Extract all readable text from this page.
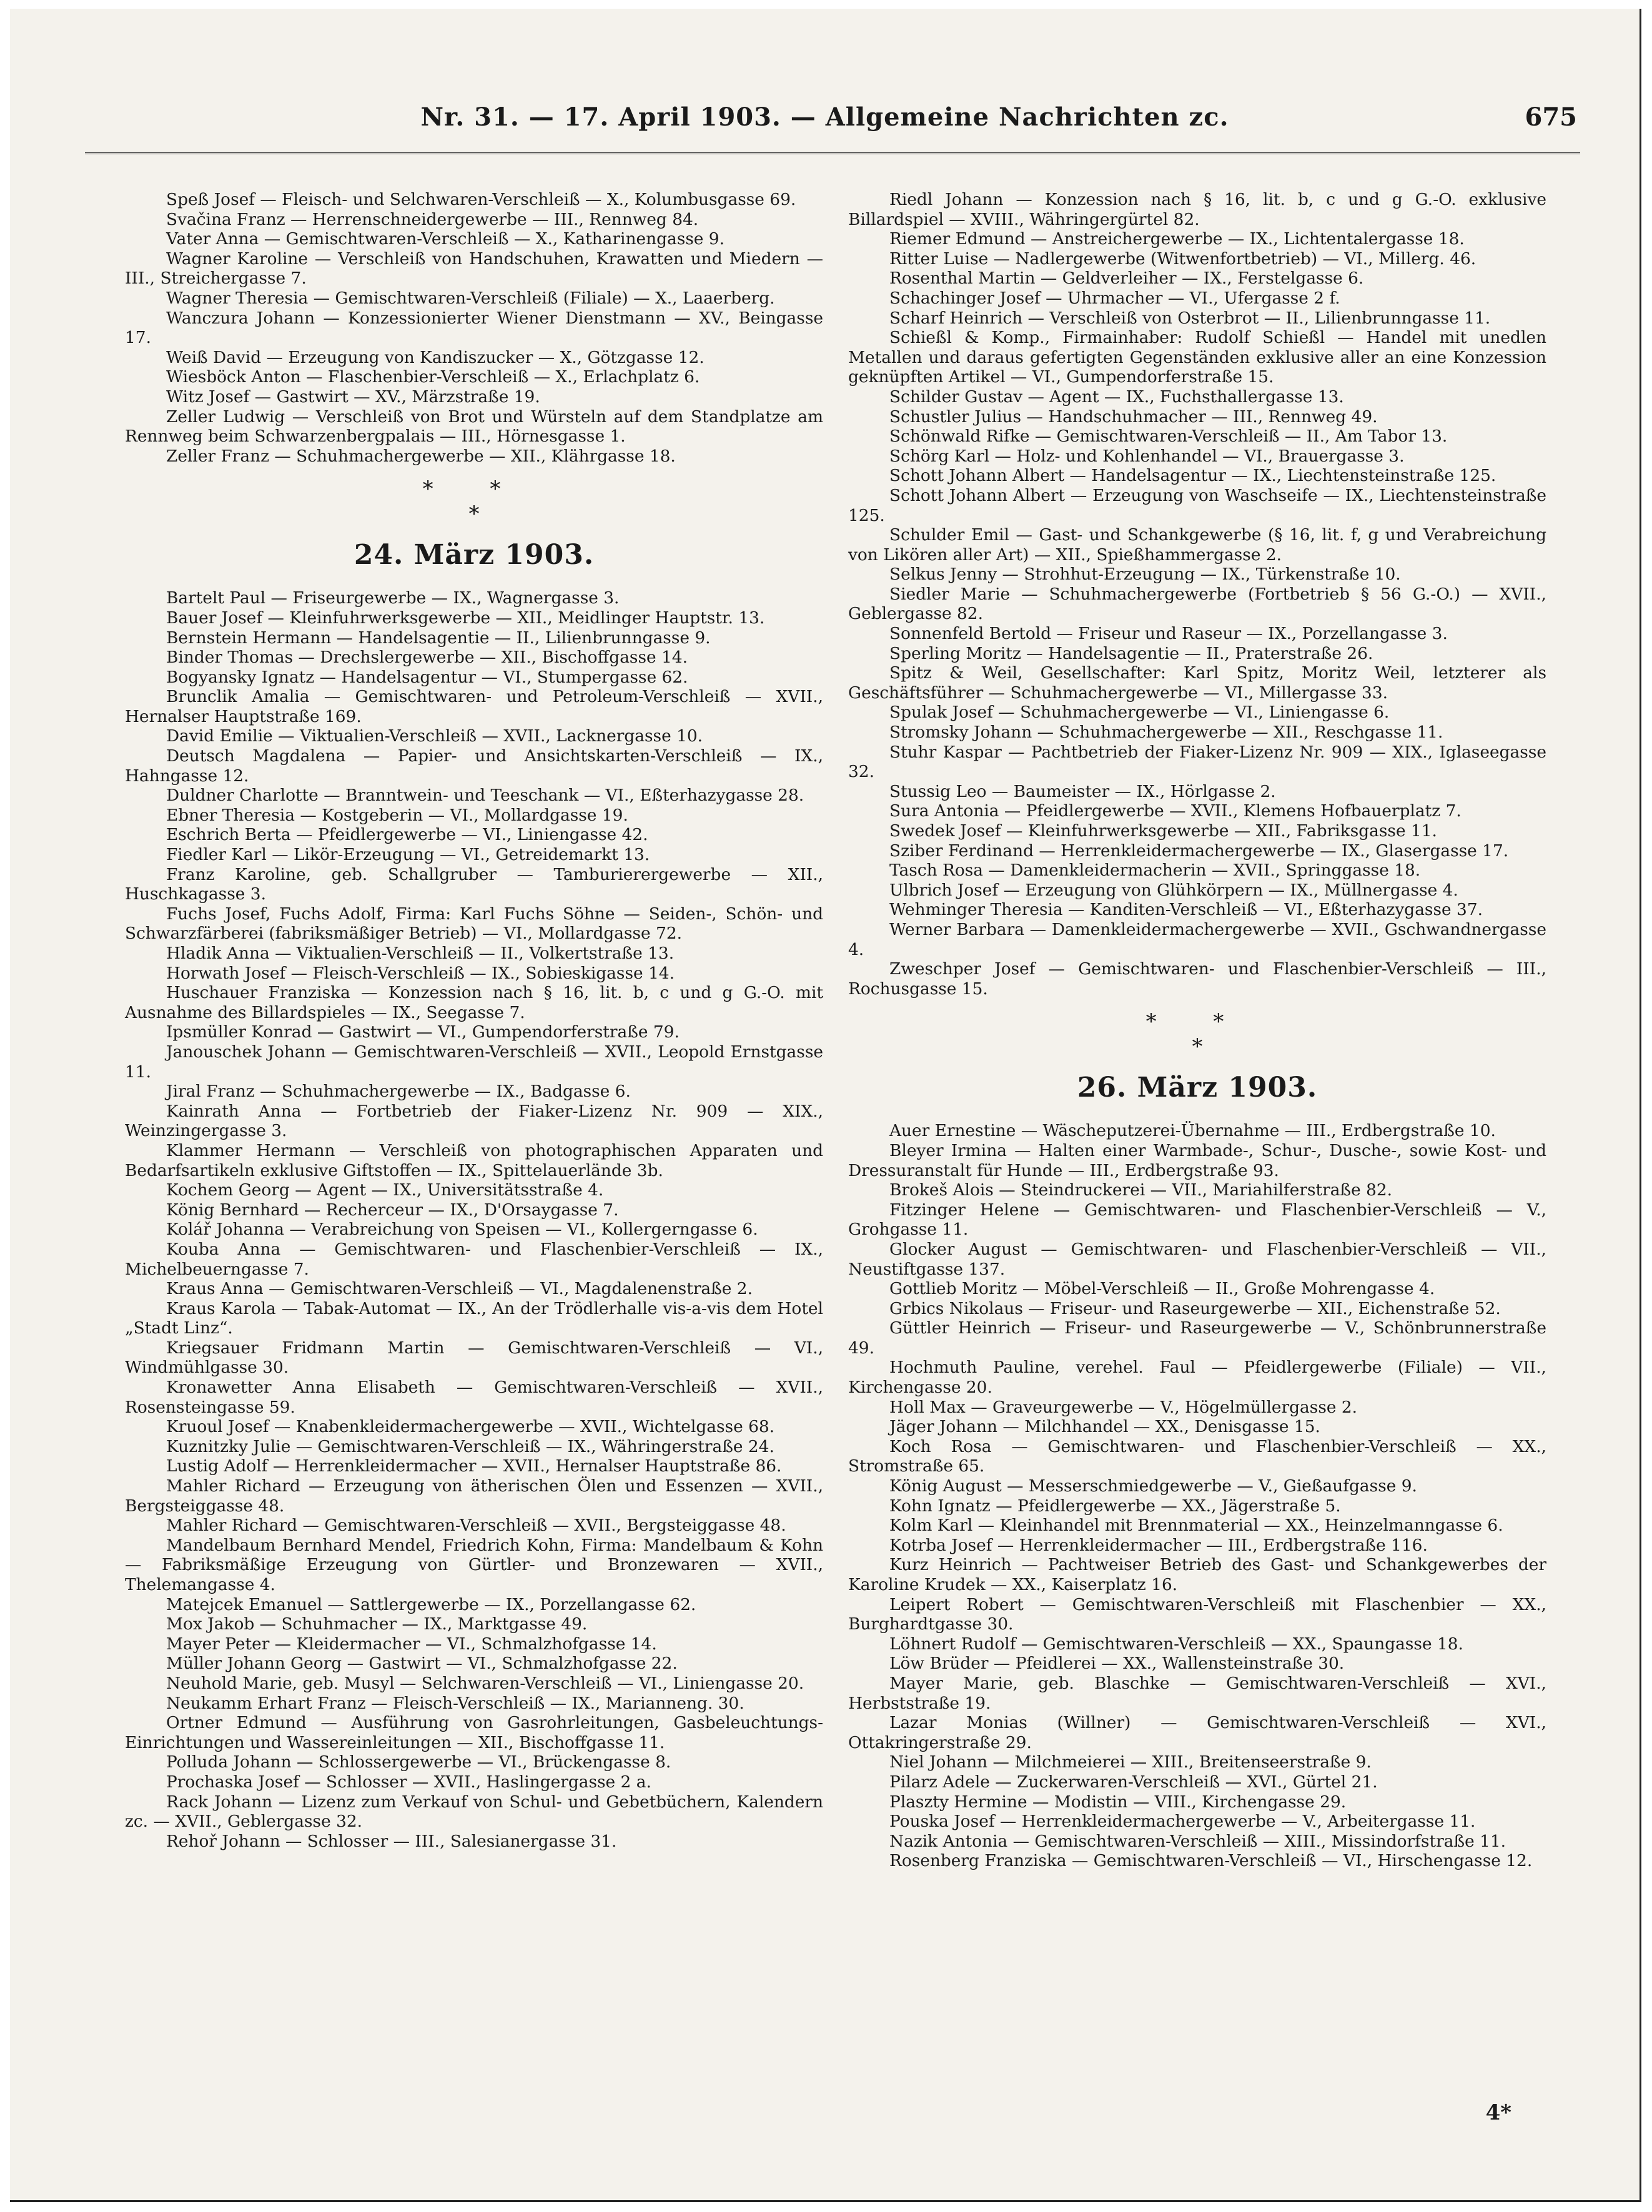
Nr. 31. — 17. April 1903. — Allgemeine Nachrichten zc.	675

Speß Josef — Fleisch- und Selchwaren-Verschleiß — X., Kolumbusgasse 69.

Svačina Franz — Herrenschneidergewerbe — III., Rennweg 84.

Vater Anna — Gemischtwaren-Verschleiß — X., Katharinengasse 9.

Wagner Karoline — Verschleiß von Handschuhen, Krawatten und Miedern — III., Streichergasse 7.

Wagner Theresia — Gemischtwaren-Verschleiß (Filiale) — X., Laaerberg.

Wanczura Johann — Konzessionierter Wiener Dienstmann — XV., Beingasse 17.

Weiß David — Erzeugung von Kandiszucker — X., Götzgasse 12.

Wiesböck Anton — Flaschenbier-Verschleiß — X., Erlachplatz 6.

Witz Josef — Gastwirt — XV., Märzstraße 19.

Zeller Ludwig — Verschleiß von Brot und Würsteln auf dem Standplatze am Rennweg beim Schwarzenbergpalais — III., Hörnesgasse 1.

Zeller Franz — Schuhmachergewerbe — XII., Klährgasse 18.

* *
*
24. März 1903.

Bartelt Paul — Friseurgewerbe — IX., Wagnergasse 3.

Bauer Josef — Kleinfuhrwerksgewerbe — XII., Meidlinger Hauptstr. 13.

Bernstein Hermann — Handelsagentie — II., Lilienbrunngasse 9.

Binder Thomas — Drechslergewerbe — XII., Bischoffgasse 14.

Bogyansky Ignatz — Handelsagentur — VI., Stumpergasse 62.

Brunclik Amalia — Gemischtwaren- und Petroleum-Verschleiß — XVII., Hernalser Hauptstraße 169.

David Emilie — Viktualien-Verschleiß — XVII., Lacknergasse 10.

Deutsch Magdalena — Papier- und Ansichtskarten-Verschleiß — IX., Hahngasse 12.

Duldner Charlotte — Branntwein- und Teeschank — VI., Eßterhazygasse 28.

Ebner Theresia — Kostgeberin — VI., Mollardgasse 19.

Eschrich Berta — Pfeidlergewerbe — VI., Liniengasse 42.

Fiedler Karl — Likör-Erzeugung — VI., Getreidemarkt 13.

Franz Karoline, geb. Schallgruber — Tamburierergewerbe — XII., Huschkagasse 3.

Fuchs Josef, Fuchs Adolf, Firma: Karl Fuchs Söhne — Seiden-, Schön- und Schwarzfärberei (fabriksmäßiger Betrieb) — VI., Mollardgasse 72.

Hladik Anna — Viktualien-Verschleiß — II., Volkertstraße 13.

Horwath Josef — Fleisch-Verschleiß — IX., Sobieskigasse 14.

Huschauer Franziska — Konzession nach § 16, lit. b, c und g G.-O. mit Ausnahme des Billardspieles — IX., Seegasse 7.

Ipsmüller Konrad — Gastwirt — VI., Gumpendorferstraße 79.

Janouschek Johann — Gemischtwaren-Verschleiß — XVII., Leopold Ernstgasse 11.

Jiral Franz — Schuhmachergewerbe — IX., Badgasse 6.

Kainrath Anna — Fortbetrieb der Fiaker-Lizenz Nr. 909 — XIX., Weinzingergasse 3.

Klammer Hermann — Verschleiß von photographischen Apparaten und Bedarfsartikeln exklusive Giftstoffen — IX., Spittelauerlände 3b.

Kochem Georg — Agent — IX., Universitätsstraße 4.

König Bernhard — Recherceur — IX., D'Orsaygasse 7.

Kolář Johanna — Verabreichung von Speisen — VI., Kollergerngasse 6.

Kouba Anna — Gemischtwaren- und Flaschenbier-Verschleiß — IX., Michelbeuerngasse 7.

Kraus Anna — Gemischtwaren-Verschleiß — VI., Magdalenenstraße 2.

Kraus Karola — Tabak-Automat — IX., An der Trödlerhalle vis-a-vis dem Hotel „Stadt Linz“.

Kriegsauer Fridmann Martin — Gemischtwaren-Verschleiß — VI., Windmühlgasse 30.

Kronawetter Anna Elisabeth — Gemischtwaren-Verschleiß — XVII., Rosensteingasse 59.

Kruoul Josef — Knabenkleidermachergewerbe — XVII., Wichtelgasse 68.

Kuznitzky Julie — Gemischtwaren-Verschleiß — IX., Währingerstraße 24.

Lustig Adolf — Herrenkleidermacher — XVII., Hernalser Hauptstraße 86.

Mahler Richard — Erzeugung von ätherischen Ölen und Essenzen — XVII., Bergsteiggasse 48.

Mahler Richard — Gemischtwaren-Verschleiß — XVII., Bergsteiggasse 48.

Mandelbaum Bernhard Mendel, Friedrich Kohn, Firma: Mandelbaum & Kohn — Fabriksmäßige Erzeugung von Gürtler- und Bronzewaren — XVII., Thelemangasse 4.

Matejcek Emanuel — Sattlergewerbe — IX., Porzellangasse 62.

Mox Jakob — Schuhmacher — IX., Marktgasse 49.

Mayer Peter — Kleidermacher — VI., Schmalzhofgasse 14.

Müller Johann Georg — Gastwirt — VI., Schmalzhofgasse 22.

Neuhold Marie, geb. Musyl — Selchwaren-Verschleiß — VI., Liniengasse 20.

Neukamm Erhart Franz — Fleisch-Verschleiß — IX., Marianneng. 30.

Ortner Edmund — Ausführung von Gasrohrleitungen, Gasbeleuchtungs-Einrichtungen und Wassereinleitungen — XII., Bischoffgasse 11.

Polluda Johann — Schlossergewerbe — VI., Brückengasse 8.

Prochaska Josef — Schlosser — XVII., Haslingergasse 2 a.

Rack Johann — Lizenz zum Verkauf von Schul- und Gebetbüchern, Kalendern zc. — XVII., Geblergasse 32.

Rehoř Johann — Schlosser — III., Salesianergasse 31.

Riedl Johann — Konzession nach § 16, lit. b, c und g G.-O. exklusive Billardspiel — XVIII., Währingergürtel 82.

Riemer Edmund — Anstreichergewerbe — IX., Lichtentalergasse 18.

Ritter Luise — Nadlergewerbe (Witwenfortbetrieb) — VI., Millerg. 46.

Rosenthal Martin — Geldverleiher — IX., Ferstelgasse 6.

Schachinger Josef — Uhrmacher — VI., Ufergasse 2 f.

Scharf Heinrich — Verschleiß von Osterbrot — II., Lilienbrunngasse 11.

Schießl & Komp., Firmainhaber: Rudolf Schießl — Handel mit unedlen Metallen und daraus gefertigten Gegenständen exklusive aller an eine Konzession geknüpften Artikel — VI., Gumpendorferstraße 15.

Schilder Gustav — Agent — IX., Fuchsthallergasse 13.

Schustler Julius — Handschuhmacher — III., Rennweg 49.

Schönwald Rifke — Gemischtwaren-Verschleiß — II., Am Tabor 13.

Schörg Karl — Holz- und Kohlenhandel — VI., Brauergasse 3.

Schott Johann Albert — Handelsagentur — IX., Liechtensteinstraße 125.

Schott Johann Albert — Erzeugung von Waschseife — IX., Liechtensteinstraße 125.

Schulder Emil — Gast- und Schankgewerbe (§ 16, lit. f, g und Verabreichung von Likören aller Art) — XII., Spießhammergasse 2.

Selkus Jenny — Strohhut-Erzeugung — IX., Türkenstraße 10.

Siedler Marie — Schuhmachergewerbe (Fortbetrieb § 56 G.-O.) — XVII., Geblergasse 82.

Sonnenfeld Bertold — Friseur und Raseur — IX., Porzellangasse 3.

Sperling Moritz — Handelsagentie — II., Praterstraße 26.

Spitz & Weil, Gesellschafter: Karl Spitz, Moritz Weil, letzterer als Geschäftsführer — Schuhmachergewerbe — VI., Millergasse 33.

Spulak Josef — Schuhmachergewerbe — VI., Liniengasse 6.

Stromsky Johann — Schuhmachergewerbe — XII., Reschgasse 11.

Stuhr Kaspar — Pachtbetrieb der Fiaker-Lizenz Nr. 909 — XIX., Iglaseegasse 32.

Stussig Leo — Baumeister — IX., Hörlgasse 2.

Sura Antonia — Pfeidlergewerbe — XVII., Klemens Hofbauerplatz 7.

Swedek Josef — Kleinfuhrwerksgewerbe — XII., Fabriksgasse 11.

Sziber Ferdinand — Herrenkleidermachergewerbe — IX., Glasergasse 17.

Tasch Rosa — Damenkleidermacherin — XVII., Springgasse 18.

Ulbrich Josef — Erzeugung von Glühkörpern — IX., Müllnergasse 4.

Wehminger Theresia — Kanditen-Verschleiß — VI., Eßterhazygasse 37.

Werner Barbara — Damenkleidermachergewerbe — XVII., Gschwandnergasse 4.

Zweschper Josef — Gemischtwaren- und Flaschenbier-Verschleiß — III., Rochusgasse 15.

* *
*
26. März 1903.

Auer Ernestine — Wäscheputzerei-Übernahme — III., Erdbergstraße 10.

Bleyer Irmina — Halten einer Warmbade-, Schur-, Dusche-, sowie Kost- und Dressuranstalt für Hunde — III., Erdbergstraße 93.

Brokeš Alois — Steindruckerei — VII., Mariahilferstraße 82.

Fitzinger Helene — Gemischtwaren- und Flaschenbier-Verschleiß — V., Grohgasse 11.

Glocker August — Gemischtwaren- und Flaschenbier-Verschleiß — VII., Neustiftgasse 137.

Gottlieb Moritz — Möbel-Verschleiß — II., Große Mohrengasse 4.

Grbics Nikolaus — Friseur- und Raseurgewerbe — XII., Eichenstraße 52.

Güttler Heinrich — Friseur- und Raseurgewerbe — V., Schönbrunnerstraße 49.

Hochmuth Pauline, verehel. Faul — Pfeidlergewerbe (Filiale) — VII., Kirchengasse 20.

Holl Max — Graveurgewerbe — V., Högelmüllergasse 2.

Jäger Johann — Milchhandel — XX., Denisgasse 15.

Koch Rosa — Gemischtwaren- und Flaschenbier-Verschleiß — XX., Stromstraße 65.

König August — Messerschmiedgewerbe — V., Gießaufgasse 9.

Kohn Ignatz — Pfeidlergewerbe — XX., Jägerstraße 5.

Kolm Karl — Kleinhandel mit Brennmaterial — XX., Heinzelmanngasse 6.

Kotrba Josef — Herrenkleidermacher — III., Erdbergstraße 116.

Kurz Heinrich — Pachtweiser Betrieb des Gast- und Schankgewerbes der Karoline Krudek — XX., Kaiserplatz 16.

Leipert Robert — Gemischtwaren-Verschleiß mit Flaschenbier — XX., Burghardtgasse 30.

Löhnert Rudolf — Gemischtwaren-Verschleiß — XX., Spaungasse 18.

Löw Brüder — Pfeidlerei — XX., Wallensteinstraße 30.

Mayer Marie, geb. Blaschke — Gemischtwaren-Verschleiß — XVI., Herbststraße 19.

Lazar Monias (Willner) — Gemischtwaren-Verschleiß — XVI., Ottakringerstraße 29.

Niel Johann — Milchmeierei — XIII., Breitenseerstraße 9.

Pilarz Adele — Zuckerwaren-Verschleiß — XVI., Gürtel 21.

Plaszty Hermine — Modistin — VIII., Kirchengasse 29.

Pouska Josef — Herrenkleidermachergewerbe — V., Arbeitergasse 11.

Nazik Antonia — Gemischtwaren-Verschleiß — XIII., Missindorfstraße 11.

Rosenberg Franziska — Gemischtwaren-Verschleiß — VI., Hirschengasse 12.

4*
